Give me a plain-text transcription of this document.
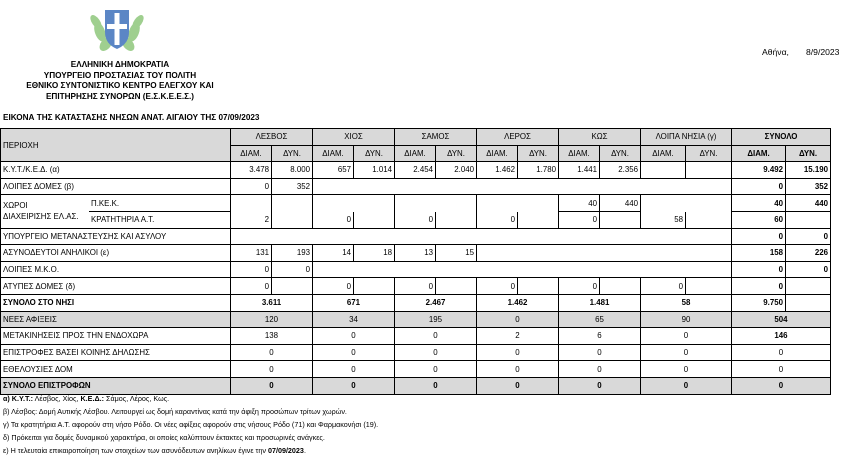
ΕΛΛΗΝΙΚΗ ΔΗΜΟΚΡΑΤΙΑ
ΥΠΟΥΡΓΕΙΟ ΠΡΟΣΤΑΣΙΑΣ ΤΟΥ ΠΟΛΙΤΗ
ΕΘΝΙΚΟ ΣΥΝΤΟΝΙΣΤΙΚΟ ΚΕΝΤΡΟ ΕΛΕΓΧΟΥ ΚΑΙ
ΕΠΙΤΗΡΗΣΗΣ ΣΥΝΟΡΩΝ (Ε.Σ.Κ.Ε.Ε.Σ.)
Αθήνα, 8/9/2023
ΕΙΚΟΝΑ ΤΗΣ ΚΑΤΑΣΤΑΣΗΣ ΝΗΣΩΝ ΑΝΑΤ. ΑΙΓΑΙΟΥ ΤΗΣ 07/09/2023
ΠΕΡΙΟΧΗ		ΛΕΣΒΟΣ		ΧΙΟΣ		ΣΑΜΟΣ		ΛΕΡΟΣ		ΚΩΣ		ΛΟΙΠΑ ΝΗΣΙΑ (γ)		ΣΥΝΟΛΟ	
		ΔΙΑΜ.	ΔΥΝ.	ΔΙΑΜ.	ΔΥΝ.	ΔΙΑΜ.	ΔΥΝ.	ΔΙΑΜ.	ΔΥΝ.	ΔΙΑΜ.	ΔΥΝ.	ΔΙΑΜ.	ΔΥΝ.	ΔΙΑΜ.	ΔΥΝ.
Κ.Υ.Τ./Κ.Ε.Δ. (α)		3.478	8.000	657	1.014	2.454	2.040	1.462	1.780	1.441	2.356			9.492	15.190
ΛΟΙΠΕΣ ΔΟΜΕΣ (β)		0	352											0	352
ΧΩΡΟΙ
ΔΙΑΧΕΙΡΙΣΗΣ ΕΛ.ΑΣ.	Π.ΚΕ.Κ.									40	440			40	440
	ΚΡΑΤΗΤΗΡΙΑ Α.Τ.	2		0		0		0		0		58		60	
ΥΠΟΥΡΓΕΙΟ ΜΕΤΑΝΑΣΤΕΥΣΗΣ ΚΑΙ ΑΣΥΛΟΥ														0	0
ΑΣΥΝΟΔΕΥΤΟΙ ΑΝΗΛΙΚΟΙ (ε)		131	193	14	18	13	15							158	226
ΛΟΙΠΕΣ Μ.Κ.Ο.		0	0											0	0
ΑΤΥΠΕΣ ΔΟΜΕΣ (δ)		0		0		0		0		0		0		0	
ΣΥΝΟΛΟ ΣΤΟ ΝΗΣΙ		3.611		671		2.467		1.462		1.481		58		9.750	
ΝΕΕΣ ΑΦΙΞΕΙΣ		120		34		195		0		65		90		504	
ΜΕΤΑΚΙΝΗΣΕΙΣ ΠΡΟΣ ΤΗΝ ΕΝΔΟΧΩΡΑ		138		0		0		2		6		0		146	
ΕΠΙΣΤΡΟΦΕΣ ΒΑΣΕΙ ΚΟΙΝΗΣ ΔΗΛΩΣΗΣ		0		0		0		0		0		0		0	
ΕΘΕΛΟΥΣΙΕΣ ΔΟΜ		0		0		0		0		0		0		0	
ΣΥΝΟΛΟ ΕΠΙΣΤΡΟΦΩΝ		0		0		0		0		0		0		0	
α) Κ.Υ.Τ.: Λέσβος, Χίος, Κ.Ε.Δ.: Σάμος, Λέρος, Κως.
β) Λέσβος: Δομή Αυτικής Λέσβου. Λειτουργεί ως δομή καραντίνας κατά την άφιξη προσώπων τρίτων χωρών.
γ) Τα κρατητήρια Α.Τ. αφορούν στη νήσο Ρόδο. Οι νέες αφίξεις αφορούν στις νήσους Ρόδο (71) και Φαρμακονήσι (19).
δ) Πρόκειται για δομές δυναμικού χαρακτήρα, οι οποίες καλύπτουν έκτακτες και προσωρινές ανάγκες.
ε) Η τελευταία επικαιροποίηση των στοιχείων των ασυνόδευτων ανηλίκων έγινε την 07/09/2023.
